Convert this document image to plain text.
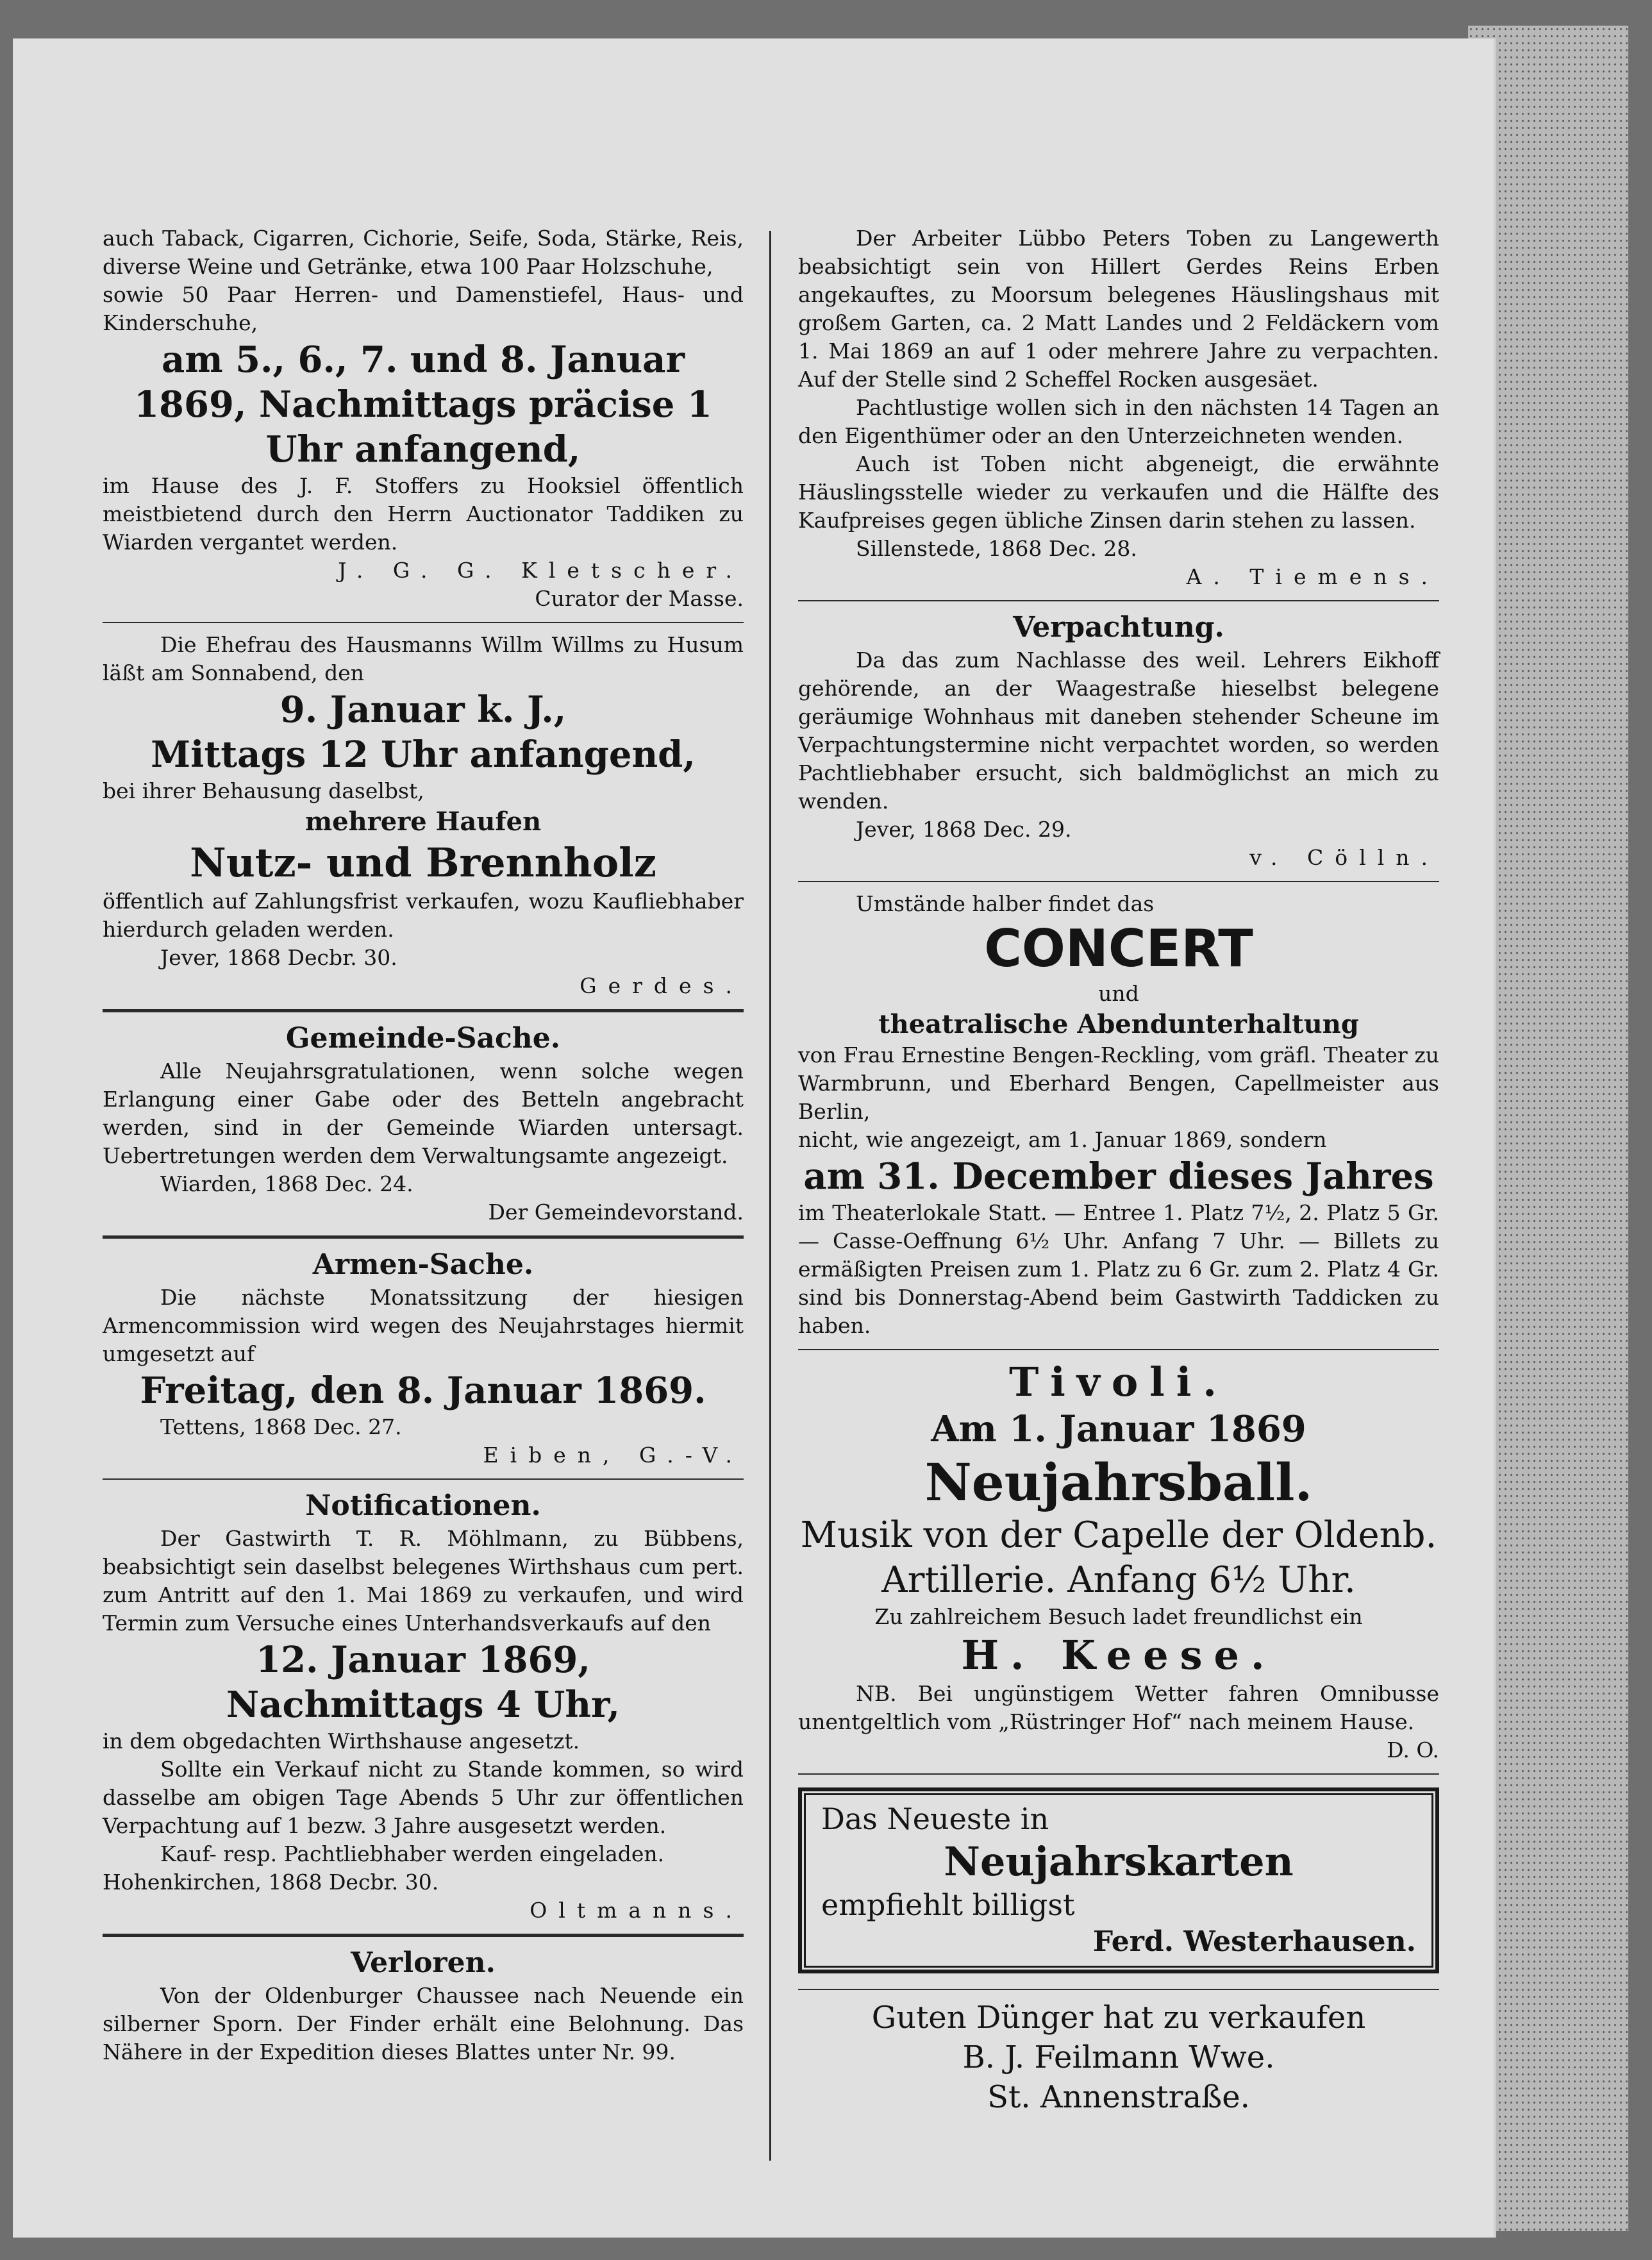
auch Taback, Cigarren, Cichorie, Seife, Soda, Stärke, Reis, diverse Weine und Getränke, etwa 100 Paar Holzschuhe,

sowie 50 Paar Herren- und Damenstiefel, Haus- und Kinderschuhe,

am 5., 6., 7. und 8. Januar 1869, Nachmittags präcise 1 Uhr anfangend,

im Hause des J. F. Stoffers zu Hooksiel öffentlich meistbietend durch den Herrn Auctionator Taddiken zu Wiarden vergantet werden.

J. G. G. Kletscher.

Curator der Masse.

Die Ehefrau des Hausmanns Willm Willms zu Husum läßt am Sonnabend, den

9. Januar k. J.,

Mittags 12 Uhr anfangend,

bei ihrer Behausung daselbst,

mehrere Haufen

Nutz- und Brennholz

öffentlich auf Zahlungsfrist verkaufen, wozu Kaufliebhaber hierdurch geladen werden.

Jever, 1868 Decbr. 30.

Gerdes.

Gemeinde-Sache.

Alle Neujahrsgratulationen, wenn solche wegen Erlangung einer Gabe oder des Betteln angebracht werden, sind in der Gemeinde Wiarden untersagt. Uebertretungen werden dem Verwaltungsamte angezeigt.

Wiarden, 1868 Dec. 24.

Der Gemeindevorstand.

Armen-Sache.

Die nächste Monatssitzung der hiesigen Armencommission wird wegen des Neujahrstages hiermit umgesetzt auf

Freitag, den 8. Januar 1869.

Tettens, 1868 Dec. 27.

Eiben, G.-V.

Notificationen.

Der Gastwirth T. R. Möhlmann, zu Bübbens, beabsichtigt sein daselbst belegenes Wirthshaus cum pert. zum Antritt auf den 1. Mai 1869 zu verkaufen, und wird Termin zum Versuche eines Unterhandsverkaufs auf den

12. Januar 1869,

Nachmittags 4 Uhr,

in dem obgedachten Wirthshause angesetzt.

Sollte ein Verkauf nicht zu Stande kommen, so wird dasselbe am obigen Tage Abends 5 Uhr zur öffentlichen Verpachtung auf 1 bezw. 3 Jahre ausgesetzt werden.

Kauf- resp. Pachtliebhaber werden eingeladen.

Hohenkirchen, 1868 Decbr. 30.

Oltmanns.

Verloren.

Von der Oldenburger Chaussee nach Neuende ein silberner Sporn. Der Finder erhält eine Belohnung. Das Nähere in der Expedition dieses Blattes unter Nr. 99.

Der Arbeiter Lübbo Peters Toben zu Langewerth beabsichtigt sein von Hillert Gerdes Reins Erben angekauftes, zu Moorsum belegenes Häuslingshaus mit großem Garten, ca. 2 Matt Landes und 2 Feldäckern vom 1. Mai 1869 an auf 1 oder mehrere Jahre zu verpachten. Auf der Stelle sind 2 Scheffel Rocken ausgesäet.

Pachtlustige wollen sich in den nächsten 14 Tagen an den Eigenthümer oder an den Unterzeichneten wenden.

Auch ist Toben nicht abgeneigt, die erwähnte Häuslingsstelle wieder zu verkaufen und die Hälfte des Kaufpreises gegen übliche Zinsen darin stehen zu lassen.

Sillenstede, 1868 Dec. 28.

A. Tiemens.

Verpachtung.

Da das zum Nachlasse des weil. Lehrers Eikhoff gehörende, an der Waagestraße hieselbst belegene geräumige Wohnhaus mit daneben stehender Scheune im Verpachtungstermine nicht verpachtet worden, so werden Pachtliebhaber ersucht, sich baldmöglichst an mich zu wenden.

Jever, 1868 Dec. 29.

v. Cölln.

Umstände halber findet das

CONCERT

und

theatralische Abendunterhaltung

von Frau Ernestine Bengen-Reckling, vom gräfl. Theater zu Warmbrunn, und Eberhard Bengen, Capellmeister aus Berlin,

nicht, wie angezeigt, am 1. Januar 1869, sondern

am 31. December dieses Jahres

im Theaterlokale Statt. — Entree 1. Platz 7½, 2. Platz 5 Gr. — Casse-Oeffnung 6½ Uhr. Anfang 7 Uhr. — Billets zu ermäßigten Preisen zum 1. Platz zu 6 Gr. zum 2. Platz 4 Gr. sind bis Donnerstag-Abend beim Gastwirth Taddicken zu haben.

Tivoli.

Am 1. Januar 1869

Neujahrsball.

Musik von der Capelle der Oldenb. Artillerie. Anfang 6½ Uhr.

Zu zahlreichem Besuch ladet freundlichst ein

H. Keese.

NB. Bei ungünstigem Wetter fahren Omnibusse unentgeltlich vom „Rüstringer Hof“ nach meinem Hause.

D. O.

Das Neueste in

Neujahrskarten

empfiehlt billigst

Ferd. Westerhausen.

Guten Dünger hat zu verkaufen

B. J. Feilmann Wwe.

St. Annenstraße.
